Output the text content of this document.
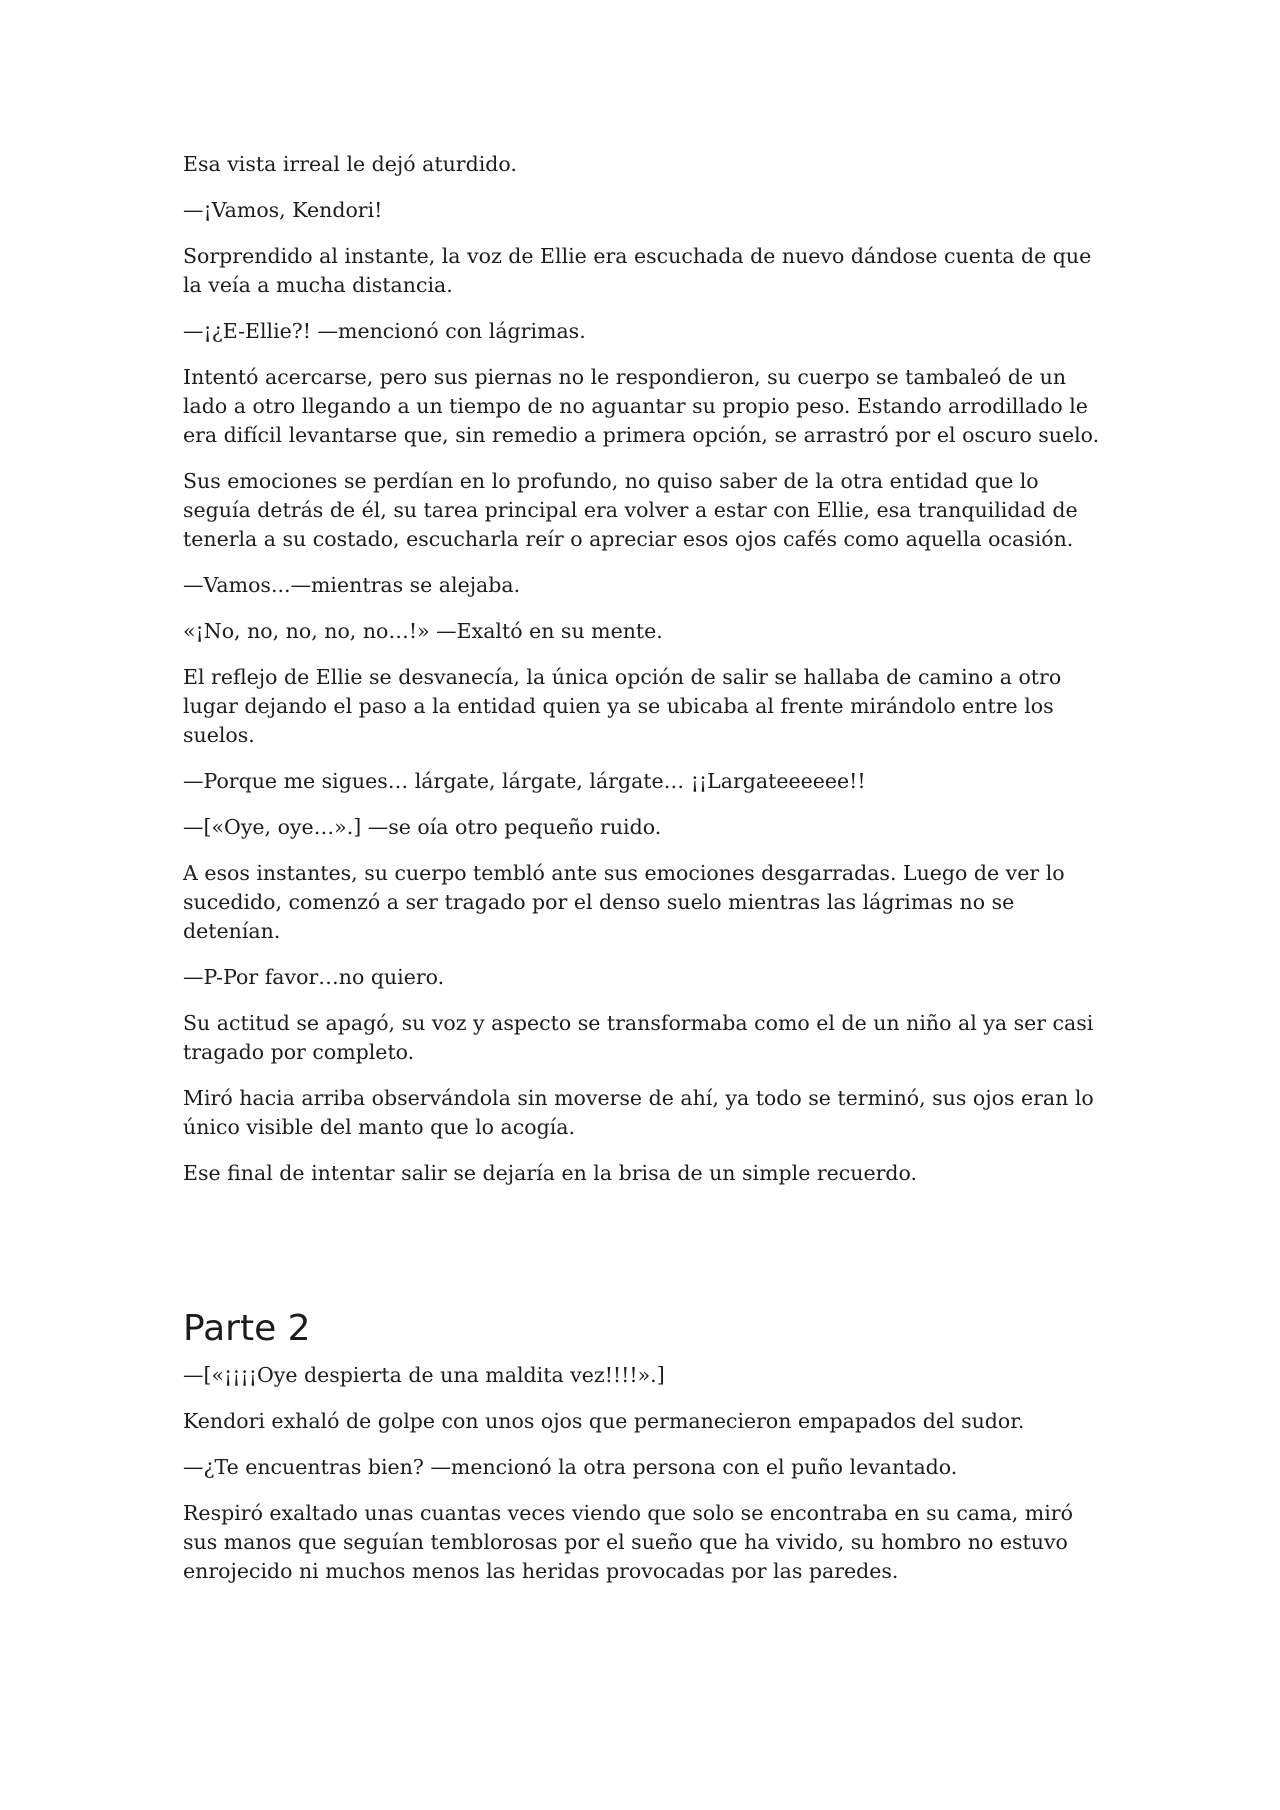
Esa vista irreal le dejó aturdido.

—¡Vamos, Kendori!

Sorprendido al instante, la voz de Ellie era escuchada de nuevo dándose cuenta de que la veía a mucha distancia.

—¡¿E-Ellie?! —mencionó con lágrimas.

Intentó acercarse, pero sus piernas no le respondieron, su cuerpo se tambaleó de un lado a otro llegando a un tiempo de no aguantar su propio peso. Estando arrodillado le era difícil levantarse que, sin remedio a primera opción, se arrastró por el oscuro suelo.

Sus emociones se perdían en lo profundo, no quiso saber de la otra entidad que lo seguía detrás de él, su tarea principal era volver a estar con Ellie, esa tranquilidad de tenerla a su costado, escucharla reír o apreciar esos ojos cafés como aquella ocasión.

—Vamos...—mientras se alejaba.

«¡No, no, no, no, no…!» —Exaltó en su mente.

El reflejo de Ellie se desvanecía, la única opción de salir se hallaba de camino a otro lugar dejando el paso a la entidad quien ya se ubicaba al frente mirándolo entre los suelos.

—Porque me sigues… lárgate, lárgate, lárgate… ¡¡Largateeeeee!!

—[«Oye, oye…».] —se oía otro pequeño ruido.

A esos instantes, su cuerpo tembló ante sus emociones desgarradas. Luego de ver lo sucedido, comenzó a ser tragado por el denso suelo mientras las lágrimas no se detenían.

—P-Por favor…no quiero.

Su actitud se apagó, su voz y aspecto se transformaba como el de un niño al ya ser casi tragado por completo.

Miró hacia arriba observándola sin moverse de ahí, ya todo se terminó, sus ojos eran lo único visible del manto que lo acogía.

Ese final de intentar salir se dejaría en la brisa de un simple recuerdo.

Parte 2

—[«¡¡¡¡Oye despierta de una maldita vez!!!!».]

Kendori exhaló de golpe con unos ojos que permanecieron empapados del sudor.

—¿Te encuentras bien? —mencionó la otra persona con el puño levantado.

Respiró exaltado unas cuantas veces viendo que solo se encontraba en su cama, miró sus manos que seguían temblorosas por el sueño que ha vivido, su hombro no estuvo enrojecido ni muchos menos las heridas provocadas por las paredes.
